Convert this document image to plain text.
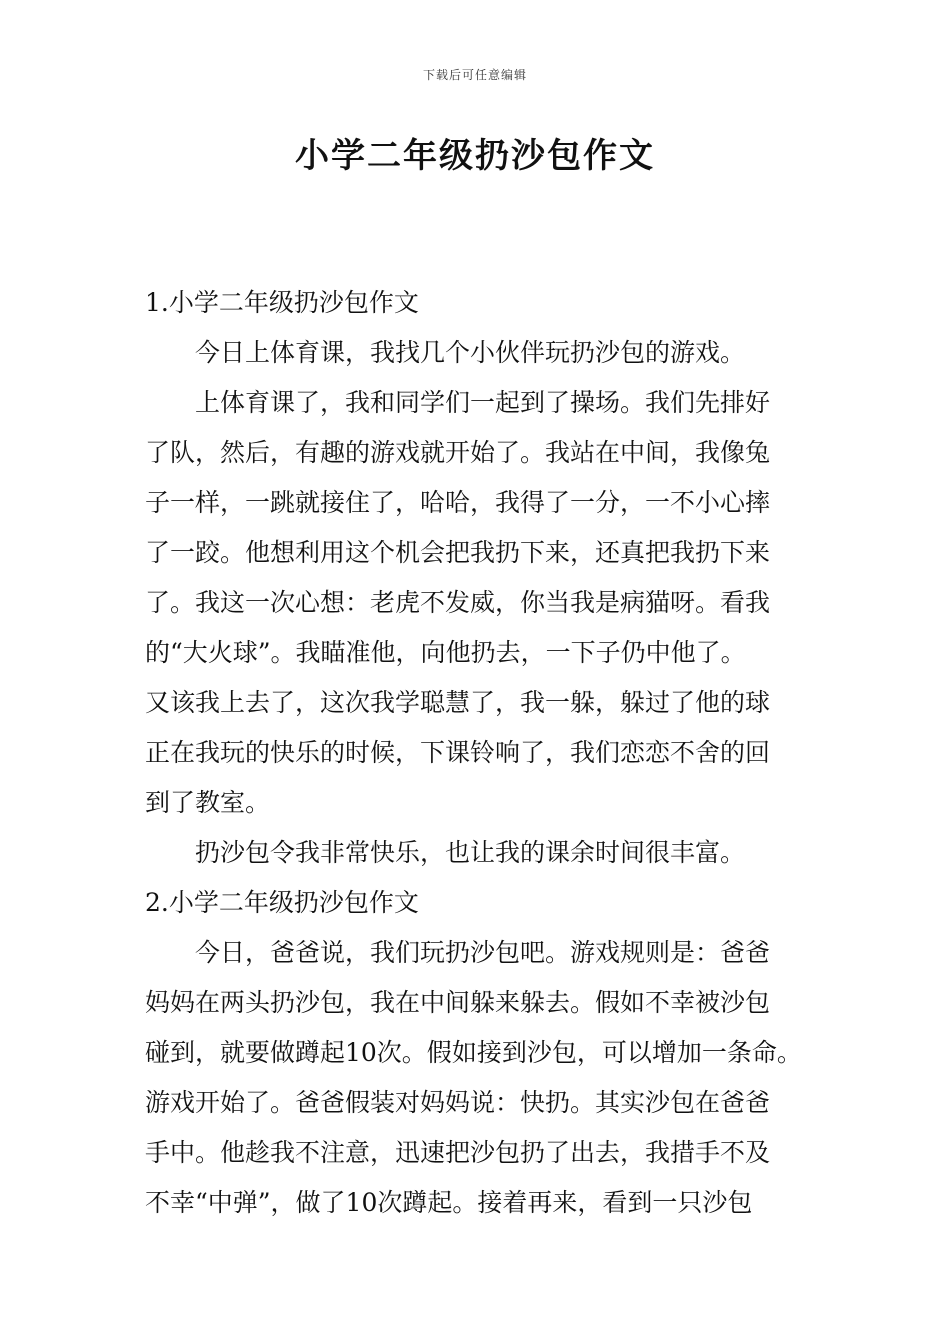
下载后可任意编辑
小学二年级扔沙包作文

1.小学二年级扔沙包作文

今日上体育课，我找几个小伙伴玩扔沙包的游戏。

上体育课了，我和同学们一起到了操场。我们先排好

了队，然后，有趣的游戏就开始了。我站在中间，我像兔

子一样，一跳就接住了，哈哈，我得了一分，一不小心摔

了一跤。他想利用这个机会把我扔下来，还真把我扔下来

了。我这一次心想：老虎不发威，你当我是病猫呀。看我

的“大火球”。我瞄准他，向他扔去，一下子仍中他了。

又该我上去了，这次我学聪慧了，我一躲，躲过了他的球

正在我玩的快乐的时候，下课铃响了，我们恋恋不舍的回

到了教室。

扔沙包令我非常快乐，也让我的课余时间很丰富。

2.小学二年级扔沙包作文

今日，爸爸说，我们玩扔沙包吧。游戏规则是：爸爸

妈妈在两头扔沙包，我在中间躲来躲去。假如不幸被沙包

碰到，就要做蹲起10次。假如接到沙包，可以增加一条命。

游戏开始了。爸爸假装对妈妈说：快扔。其实沙包在爸爸

手中。他趁我不注意，迅速把沙包扔了出去，我措手不及

不幸“中弹”，做了10次蹲起。接着再来，看到一只沙包
